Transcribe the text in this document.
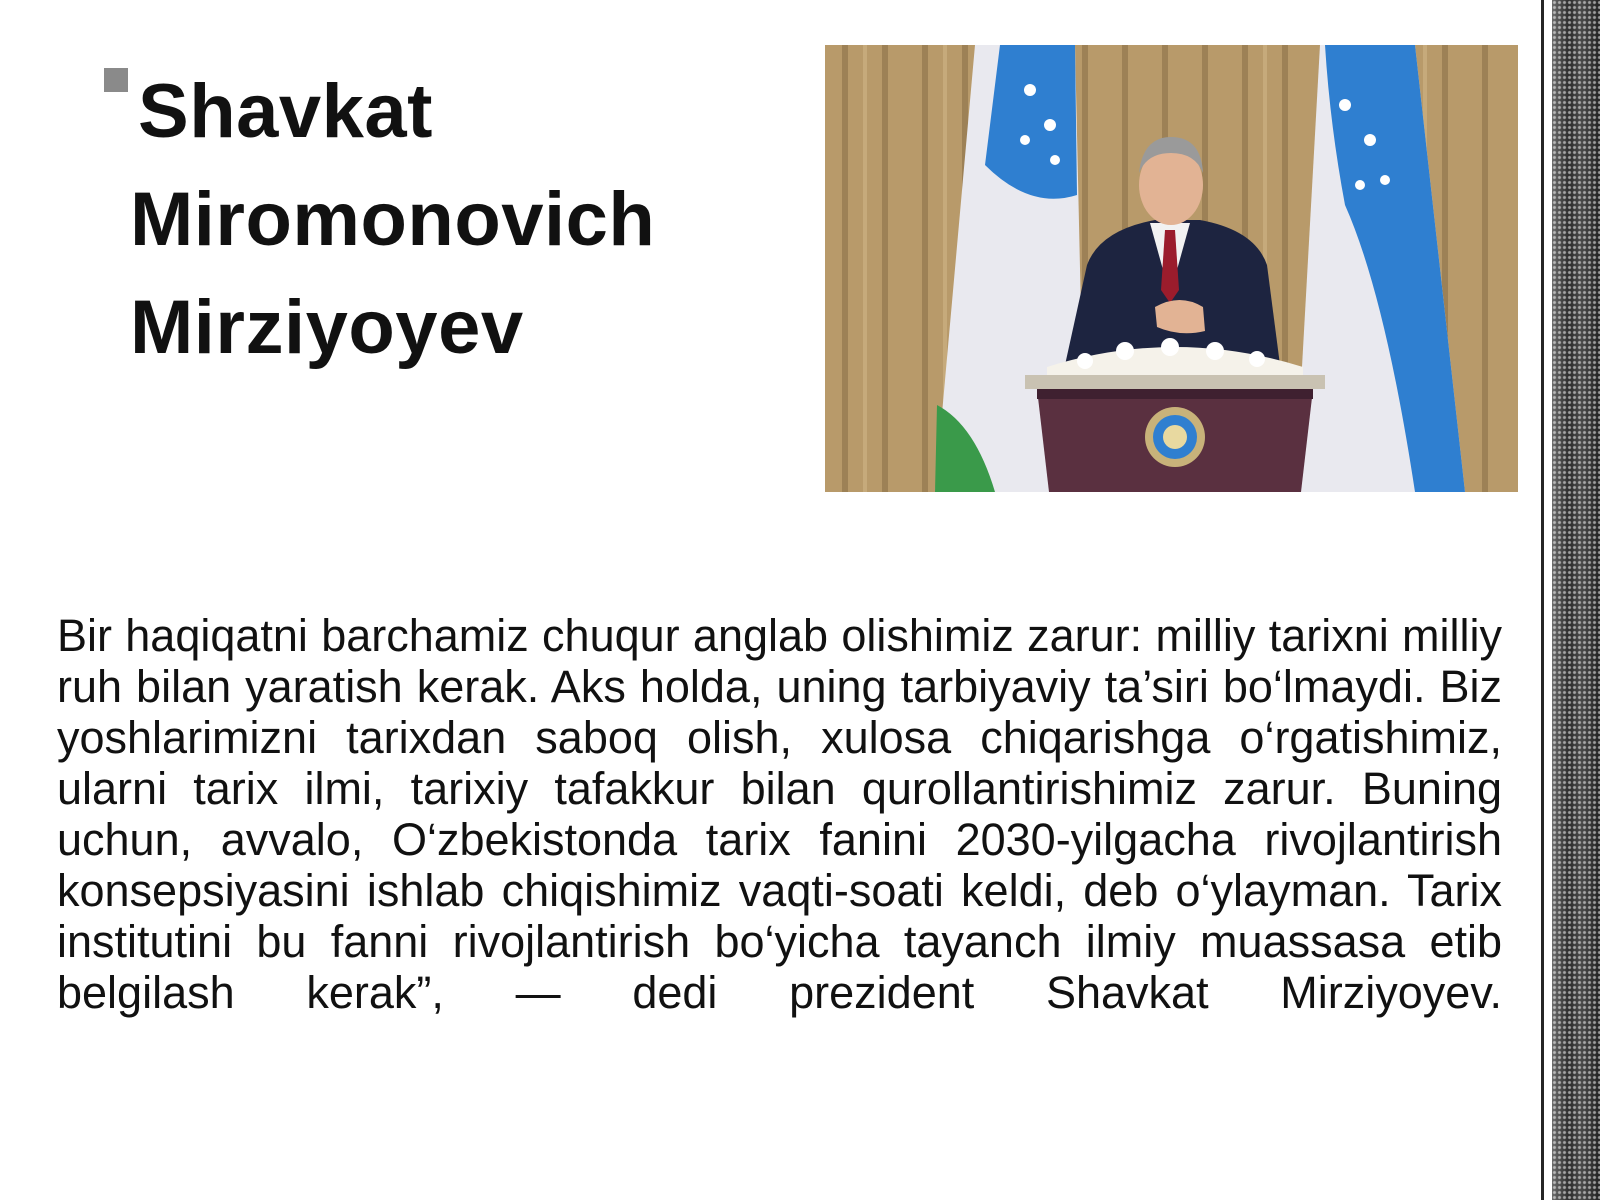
Shavkat Miromonovich Mirziyoyev

Bir haqiqatni barchamiz chuqur anglab olishimiz zarur: milliy tarixni milliy ruh bilan yaratish kerak. Aks holda, uning tarbiyaviy ta’siri bo‘lmaydi. Biz yoshlarimizni tarixdan saboq olish, xulosa chiqarishga o‘rgatishimiz, ularni tarix ilmi, tarixiy tafakkur bilan qurollantirishimiz zarur. Buning uchun, avvalo, O‘zbekistonda tarix fanini 2030-yilgacha rivojlantirish konsepsiyasini ishlab chiqishimiz vaqti-soati keldi, deb o‘ylayman. Tarix institutini bu fanni rivojlantirish bo‘yicha tayanch ilmiy muassasa etib belgilash kerak”, — dedi prezident Shavkat Mirziyoyev.
